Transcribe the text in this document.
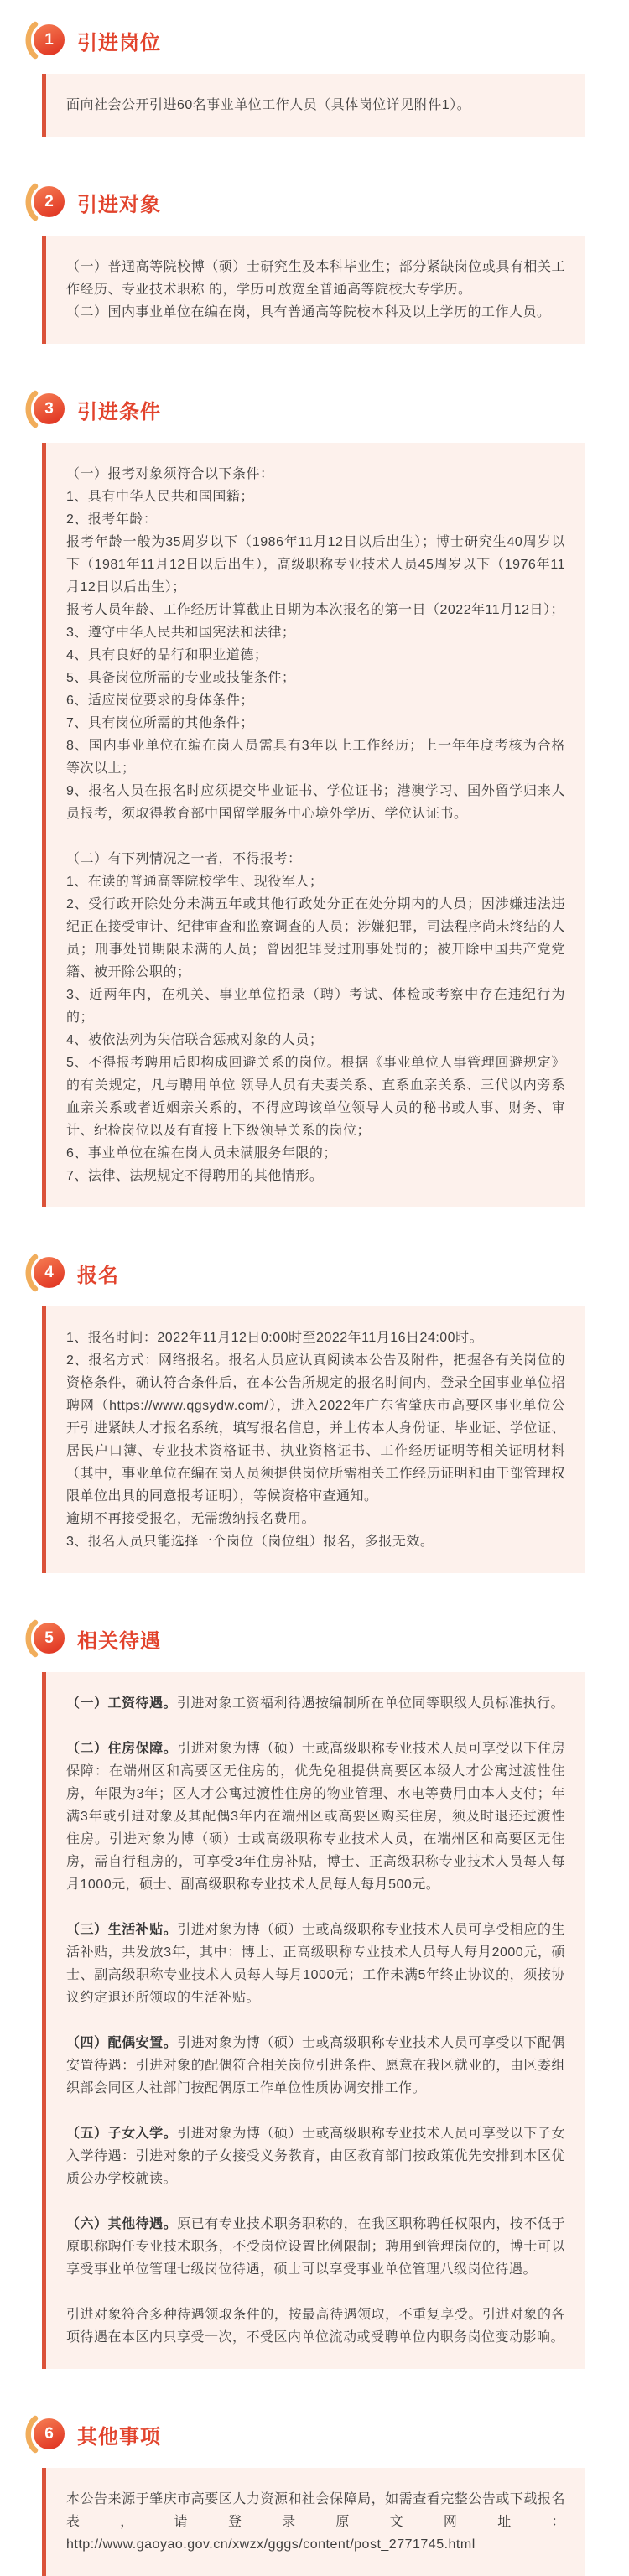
1	引进岗位

面向社会公开引进60名事业单位工作人员（具体岗位详见附件1）。

2	引进对象

（一）普通高等院校博（硕）士研究生及本科毕业生；部分紧缺岗位或具有相关工作经历、专业技术职称 的，学历可放宽至普通高等院校大专学历。

（二）国内事业单位在编在岗，具有普通高等院校本科及以上学历的工作人员。

3	引进条件

（一）报考对象须符合以下条件：

1、具有中华人民共和国国籍；

2、报考年龄：

报考年龄一般为35周岁以下（1986年11月12日以后出生）；博士研究生40周岁以下（1981年11月12日以后出生），高级职称专业技术人员45周岁以下（1976年11月12日以后出生）；

报考人员年龄、工作经历计算截止日期为本次报名的第一日（2022年11月12日）；

3、遵守中华人民共和国宪法和法律；

4、具有良好的品行和职业道德；

5、具备岗位所需的专业或技能条件；

6、适应岗位要求的身体条件；

7、具有岗位所需的其他条件；

8、国内事业单位在编在岗人员需具有3年以上工作经历；上一年年度考核为合格等次以上；

9、报名人员在报名时应须提交毕业证书、学位证书；港澳学习、国外留学归来人员报考，须取得教育部中国留学服务中心境外学历、学位认证书。

（二）有下列情况之一者，不得报考：

1、在读的普通高等院校学生、现役军人；

2、受行政开除处分未满五年或其他行政处分正在处分期内的人员；因涉嫌违法违纪正在接受审计、纪律审查和监察调查的人员；涉嫌犯罪，司法程序尚未终结的人员；刑事处罚期限未满的人员；曾因犯罪受过刑事处罚的；被开除中国共产党党籍、被开除公职的；

3、近两年内，在机关、事业单位招录（聘）考试、体检或考察中存在违纪行为的；

4、被依法列为失信联合惩戒对象的人员；

5、不得报考聘用后即构成回避关系的岗位。根据《事业单位人事管理回避规定》的有关规定，凡与聘用单位 领导人员有夫妻关系、直系血亲关系、三代以内旁系血亲关系或者近姻亲关系的，不得应聘该单位领导人员的秘书或人事、财务、审计、纪检岗位以及有直接上下级领导关系的岗位；

6、事业单位在编在岗人员未满服务年限的；

7、法律、法规规定不得聘用的其他情形。

4	报名

1、报名时间：2022年11月12日0:00时至2022年11月16日24:00时。

2、报名方式：网络报名。报名人员应认真阅读本公告及附件，把握各有关岗位的资格条件，确认符合条件后，在本公告所规定的报名时间内，登录全国事业单位招聘网（https://www.qgsydw.com/），进入2022年广东省肇庆市高要区事业单位公开引进紧缺人才报名系统，填写报名信息，并上传本人身份证、毕业证、学位证、居民户口簿、专业技术资格证书、执业资格证书、工作经历证明等相关证明材料（其中，事业单位在编在岗人员须提供岗位所需相关工作经历证明和由干部管理权限单位出具的同意报考证明），等候资格审查通知。

逾期不再接受报名，无需缴纳报名费用。

3、报名人员只能选择一个岗位（岗位组）报名，多报无效。

5	相关待遇

（一）工资待遇。引进对象工资福利待遇按编制所在单位同等职级人员标准执行。

（二）住房保障。引进对象为博（硕）士或高级职称专业技术人员可享受以下住房保障：在端州区和高要区无住房的，优先免租提供高要区本级人才公寓过渡性住房，年限为3年；区人才公寓过渡性住房的物业管理、水电等费用由本人支付；年满3年或引进对象及其配偶3年内在端州区或高要区购买住房，须及时退还过渡性住房。引进对象为博（硕）士或高级职称专业技术人员，在端州区和高要区无住房，需自行租房的，可享受3年住房补贴，博士、正高级职称专业技术人员每人每月1000元，硕士、副高级职称专业技术人员每人每月500元。

（三）生活补贴。引进对象为博（硕）士或高级职称专业技术人员可享受相应的生活补贴，共发放3年，其中：博士、正高级职称专业技术人员每人每月2000元，硕士、副高级职称专业技术人员每人每月1000元；工作未满5年终止协议的，须按协议约定退还所领取的生活补贴。

（四）配偶安置。引进对象为博（硕）士或高级职称专业技术人员可享受以下配偶安置待遇：引进对象的配偶符合相关岗位引进条件、愿意在我区就业的，由区委组织部会同区人社部门按配偶原工作单位性质协调安排工作。

（五）子女入学。引进对象为博（硕）士或高级职称专业技术人员可享受以下子女入学待遇：引进对象的子女接受义务教育，由区教育部门按政策优先安排到本区优质公办学校就读。

（六）其他待遇。原已有专业技术职务职称的，在我区职称聘任权限内，按不低于原职称聘任专业技术职务，不受岗位设置比例限制；聘用到管理岗位的，博士可以享受事业单位管理七级岗位待遇，硕士可以享受事业单位管理八级岗位待遇。

引进对象符合多种待遇领取条件的，按最高待遇领取，不重复享受。引进对象的各项待遇在本区内只享受一次，不受区内单位流动或受聘单位内职务岗位变动影响。

6	其他事项

本公告来源于肇庆市高要区人力资源和社会保障局，如需查看完整公告或下载报名表，请登录原文网址：http://www.gaoyao.gov.cn/xwzx/gggs/content/post_2771745.html
